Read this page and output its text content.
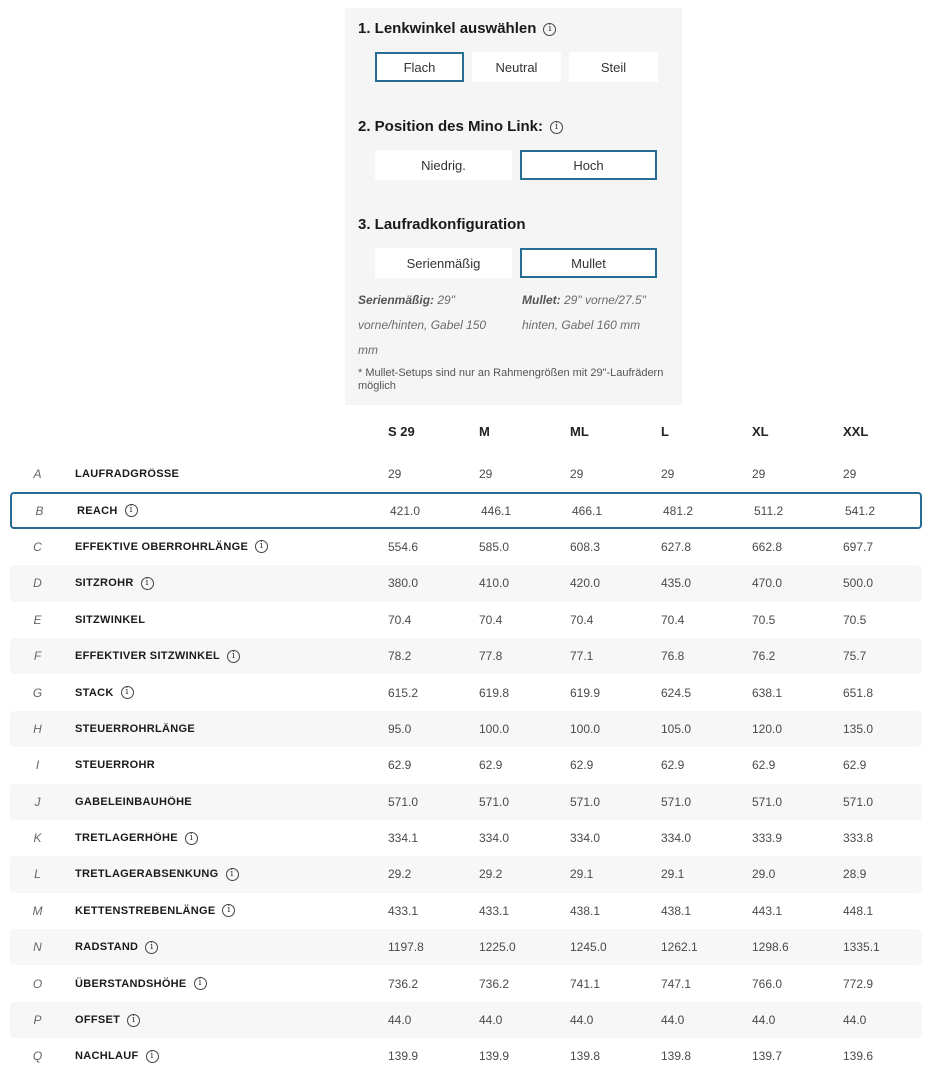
1. Lenkwinkel auswählen	i
Flach	Neutral	Steil
2. Position des Mino Link:	i
Niedrig.	Hoch
3. Laufradkonfiguration
Serienmäßig	Mullet
Serienmäßig: 29" vorne/hinten, Gabel 150 mm
Mullet: 29" vorne/27.5" hinten, Gabel 160 mm
* Mullet-Setups sind nur an Rahmengrößen mit 29"-Laufrädern möglich
S 29	M	ML	L	XL	XXL
A	LAUFRADGRÖSSE	29	29	29	29	29	29
B	REACH	i	421.0	446.1	466.1	481.2	511.2	541.2
C	EFFEKTIVE OBERROHRLÄNGE	i	554.6	585.0	608.3	627.8	662.8	697.7
D	SITZROHR	i	380.0	410.0	420.0	435.0	470.0	500.0
E	SITZWINKEL	70.4	70.4	70.4	70.4	70.5	70.5
F	EFFEKTIVER SITZWINKEL	i	78.2	77.8	77.1	76.8	76.2	75.7
G	STACK	i	615.2	619.8	619.9	624.5	638.1	651.8
H	STEUERROHRLÄNGE	95.0	100.0	100.0	105.0	120.0	135.0
I	STEUERROHR	62.9	62.9	62.9	62.9	62.9	62.9
J	GABELEINBAUHÖHE	571.0	571.0	571.0	571.0	571.0	571.0
K	TRETLAGERHÖHE	i	334.1	334.0	334.0	334.0	333.9	333.8
L	TRETLAGERABSENKUNG	i	29.2	29.2	29.1	29.1	29.0	28.9
M	KETTENSTREBENLÄNGE	i	433.1	433.1	438.1	438.1	443.1	448.1
N	RADSTAND	i	1197.8	1225.0	1245.0	1262.1	1298.6	1335.1
O	ÜBERSTANDSHÖHE	i	736.2	736.2	741.1	747.1	766.0	772.9
P	OFFSET	i	44.0	44.0	44.0	44.0	44.0	44.0
Q	NACHLAUF	i	139.9	139.9	139.8	139.8	139.7	139.6
